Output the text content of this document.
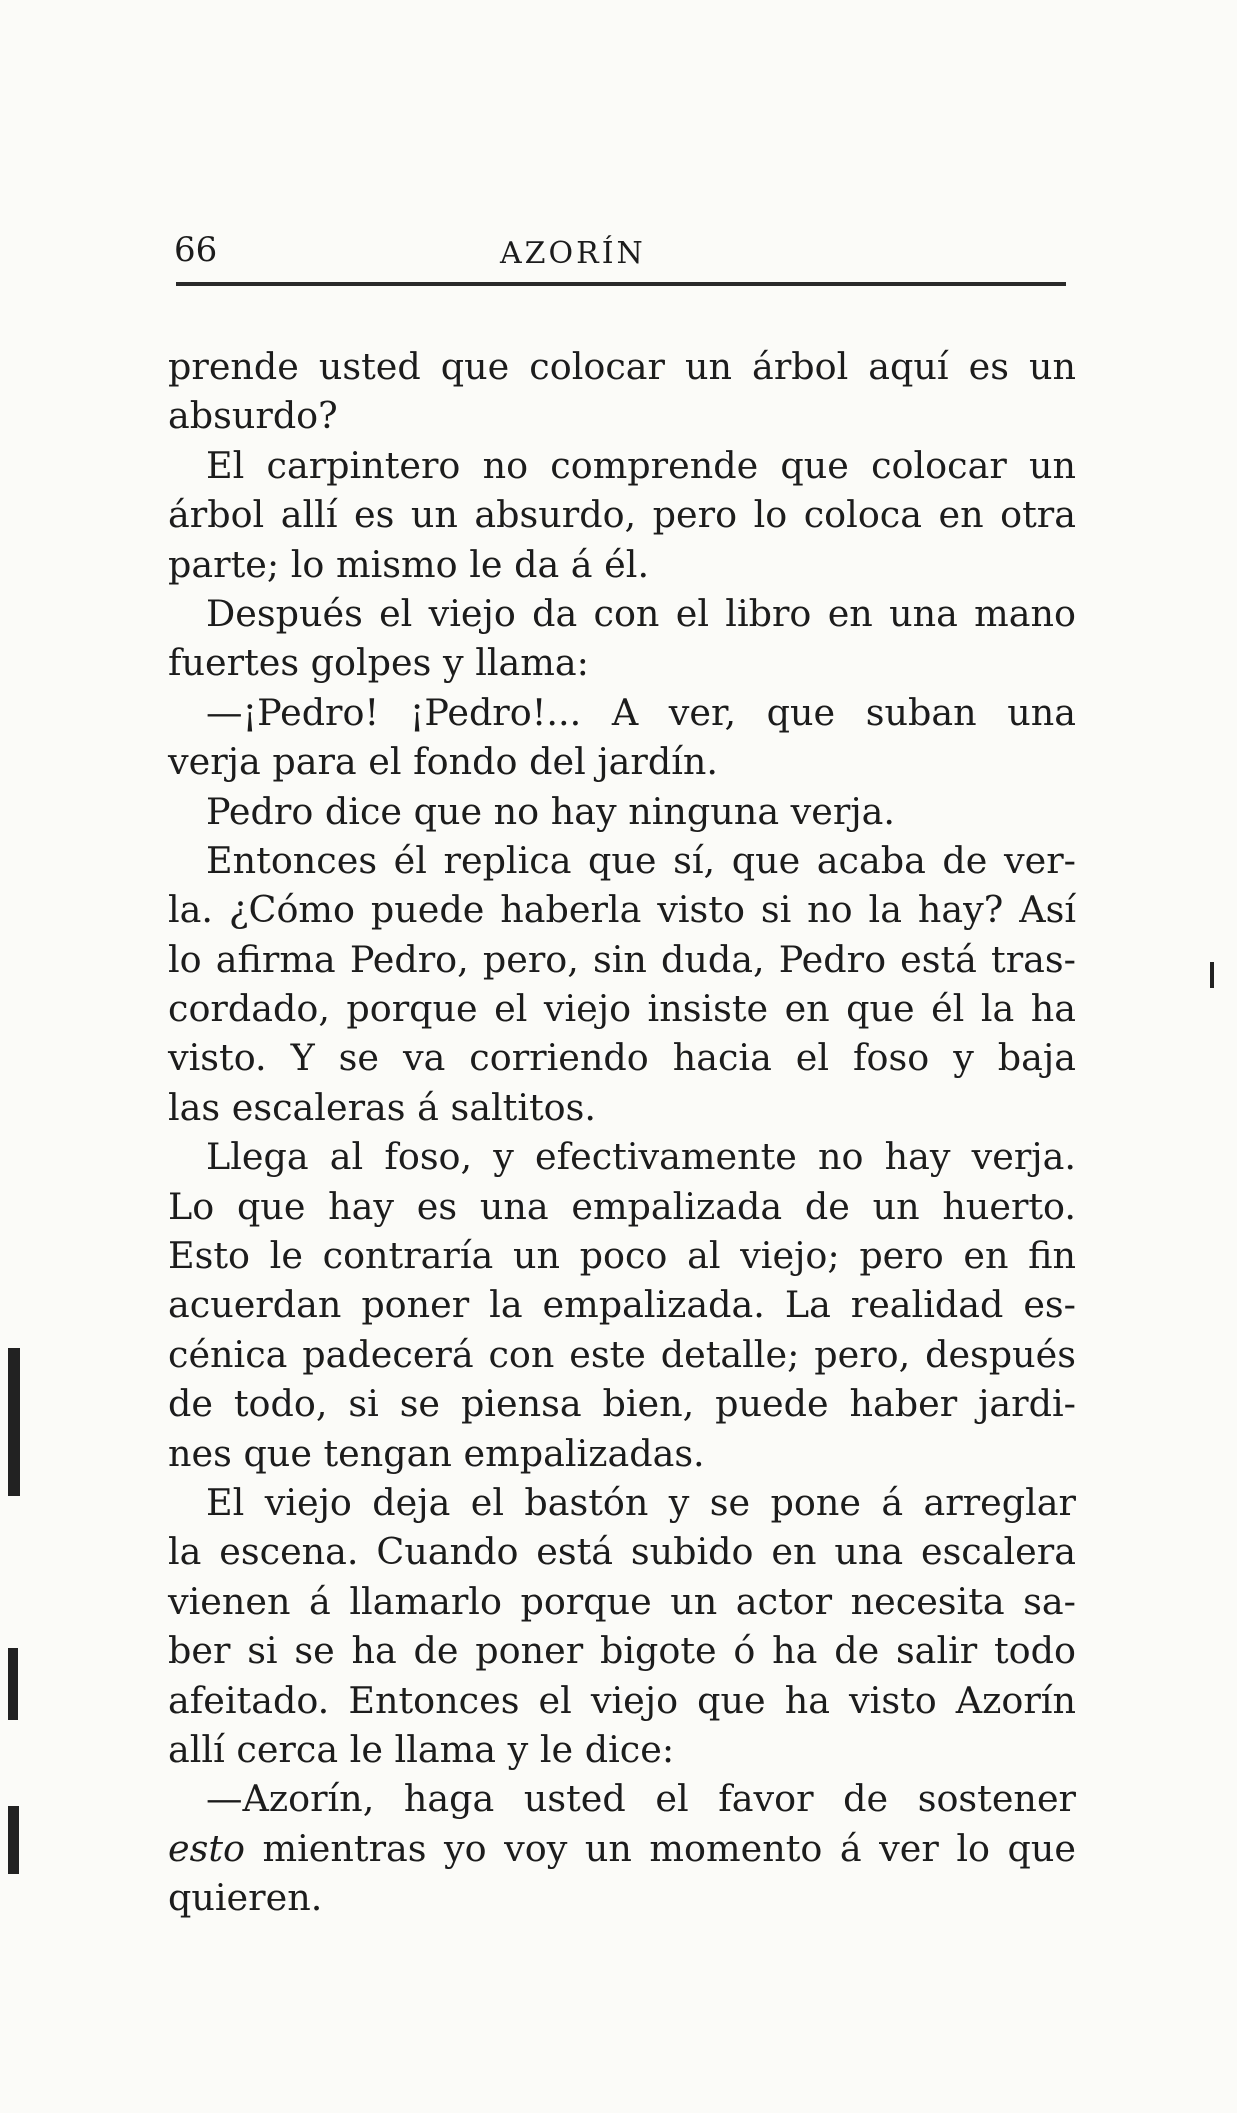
66	AZORÍN
prende usted que colocar un árbol aquí es un
absurdo?
El carpintero no comprende que colocar un
árbol allí es un absurdo, pero lo coloca en otra
parte; lo mismo le da á él.
Después el viejo da con el libro en una mano
fuertes golpes y llama:
—¡Pedro! ¡Pedro!... A ver, que suban una
verja para el fondo del jardín.
Pedro dice que no hay ninguna verja.
Entonces él replica que sí, que acaba de ver-
la. ¿Cómo puede haberla visto si no la hay? Así
lo afirma Pedro, pero, sin duda, Pedro está tras-
cordado, porque el viejo insiste en que él la ha
visto. Y se va corriendo hacia el foso y baja
las escaleras á saltitos.
Llega al foso, y efectivamente no hay verja.
Lo que hay es una empalizada de un huerto.
Esto le contraría un poco al viejo; pero en fin
acuerdan poner la empalizada. La realidad es-
cénica padecerá con este detalle; pero, después
de todo, si se piensa bien, puede haber jardi-
nes que tengan empalizadas.
El viejo deja el bastón y se pone á arreglar
la escena. Cuando está subido en una escalera
vienen á llamarlo porque un actor necesita sa-
ber si se ha de poner bigote ó ha de salir todo
afeitado. Entonces el viejo que ha visto Azorín
allí cerca le llama y le dice:
—Azorín, haga usted el favor de sostener
esto mientras yo voy un momento á ver lo que
quieren.
